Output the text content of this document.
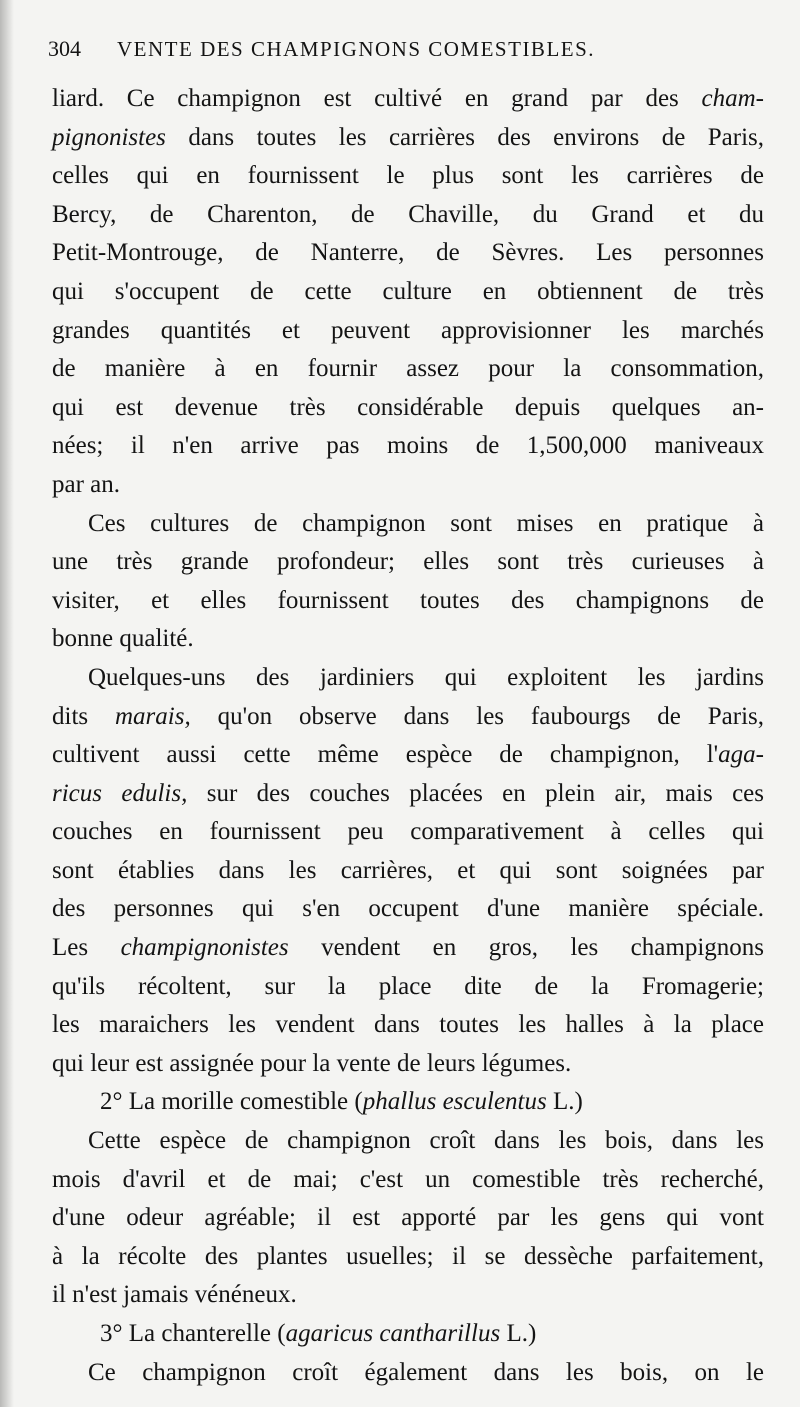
304 VENTE DES CHAMPIGNONS COMESTIBLES.
liard. Ce champignon est cultivé en grand par des cham-
pignonistes dans toutes les carrières des environs de Paris,
celles qui en fournissent le plus sont les carrières de
Bercy, de Charenton, de Chaville, du Grand et du
Petit-Montrouge, de Nanterre, de Sèvres. Les personnes
qui s'occupent de cette culture en obtiennent de très
grandes quantités et peuvent approvisionner les marchés
de manière à en fournir assez pour la consommation,
qui est devenue très considérable depuis quelques an-
nées; il n'en arrive pas moins de 1,500,000 maniveaux
par an.
Ces cultures de champignon sont mises en pratique à
une très grande profondeur; elles sont très curieuses à
visiter, et elles fournissent toutes des champignons de
bonne qualité.
Quelques-uns des jardiniers qui exploitent les jardins
dits marais, qu'on observe dans les faubourgs de Paris,
cultivent aussi cette même espèce de champignon, l'aga-
ricus edulis, sur des couches placées en plein air, mais ces
couches en fournissent peu comparativement à celles qui
sont établies dans les carrières, et qui sont soignées par
des personnes qui s'en occupent d'une manière spéciale.
Les champignonistes vendent en gros, les champignons
qu'ils récoltent, sur la place dite de la Fromagerie;
les maraichers les vendent dans toutes les halles à la place
qui leur est assignée pour la vente de leurs légumes.
2° La morille comestible (phallus esculentus L.)
Cette espèce de champignon croît dans les bois, dans les
mois d'avril et de mai; c'est un comestible très recherché,
d'une odeur agréable; il est apporté par les gens qui vont
à la récolte des plantes usuelles; il se dessèche parfaitement,
il n'est jamais vénéneux.
3° La chanterelle (agaricus cantharillus L.)
Ce champignon croît également dans les bois, on le
